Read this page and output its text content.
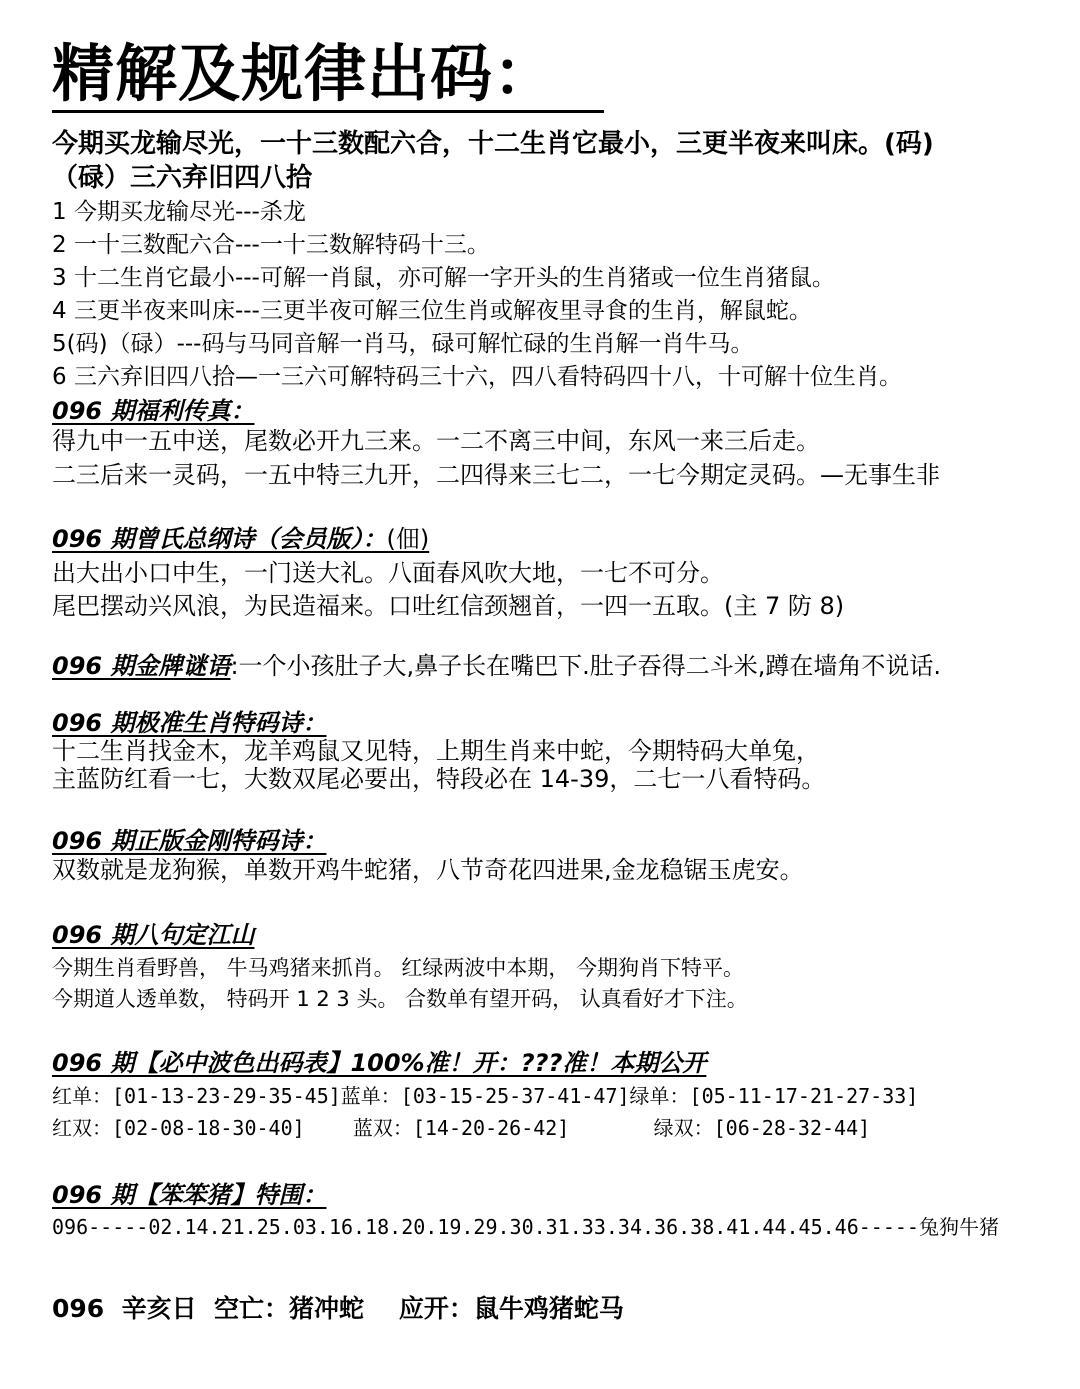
精解及规律出码：
今期买龙输尽光，一十三数配六合，十二生肖它最小，三更半夜来叫床。(码)
（碌）三六弃旧四八拾
1 今期买龙输尽光---杀龙
2 一十三数配六合---一十三数解特码十三。
3 十二生肖它最小---可解一肖鼠，亦可解一字开头的生肖猪或一位生肖猪鼠。
4 三更半夜来叫床---三更半夜可解三位生肖或解夜里寻食的生肖，解鼠蛇。
5(码)（碌）---码与马同音解一肖马，碌可解忙碌的生肖解一肖牛马。
6 三六弃旧四八拾—一三六可解特码三十六，四八看特码四十八，十可解十位生肖。
096 期福利传真：
得九中一五中送，尾数必开九三来。一二不离三中间，东风一来三后走。
二三后来一灵码，一五中特三九开，二四得来三七二，一七今期定灵码。—无事生非
096 期曾氏总纲诗（会员版）：(佃)
出大出小口中生，一门送大礼。八面春风吹大地，一七不可分。
尾巴摆动兴风浪，为民造福来。口吐红信颈翘首，一四一五取。(主 7 防 8)
096 期金牌谜语:一个小孩肚子大,鼻子长在嘴巴下.肚子吞得二斗米,蹲在墙角不说话.
096 期极准生肖特码诗：
十二生肖找金木，龙羊鸡鼠又见特，上期生肖来中蛇，今期特码大单兔，
主蓝防红看一七，大数双尾必要出，特段必在 14-39，二七一八看特码。
096 期正版金刚特码诗：
双数就是龙狗猴，单数开鸡牛蛇猪，八节奇花四进果,金龙稳锯玉虎安。
096 期八句定江山
今期生肖看野兽， 牛马鸡猪来抓肖。 红绿两波中本期， 今期狗肖下特平。
今期道人透单数， 特码开 1 2 3 头。 合数单有望开码， 认真看好才下注。
096 期【必中波色出码表】100%准！开：???准！本期公开
红单：[01-13-23-29-35-45]蓝单：[03-15-25-37-41-47]绿单：[05-11-17-21-27-33]
红双：[02-08-18-30-40]    蓝双：[14-20-26-42]       绿双：[06-28-32-44]
096 期【笨笨猪】特围：
096-----02.14.21.25.03.16.18.20.19.29.30.31.33.34.36.38.41.44.45.46-----兔狗牛猪
096  辛亥日  空亡：猪冲蛇    应开：鼠牛鸡猪蛇马
